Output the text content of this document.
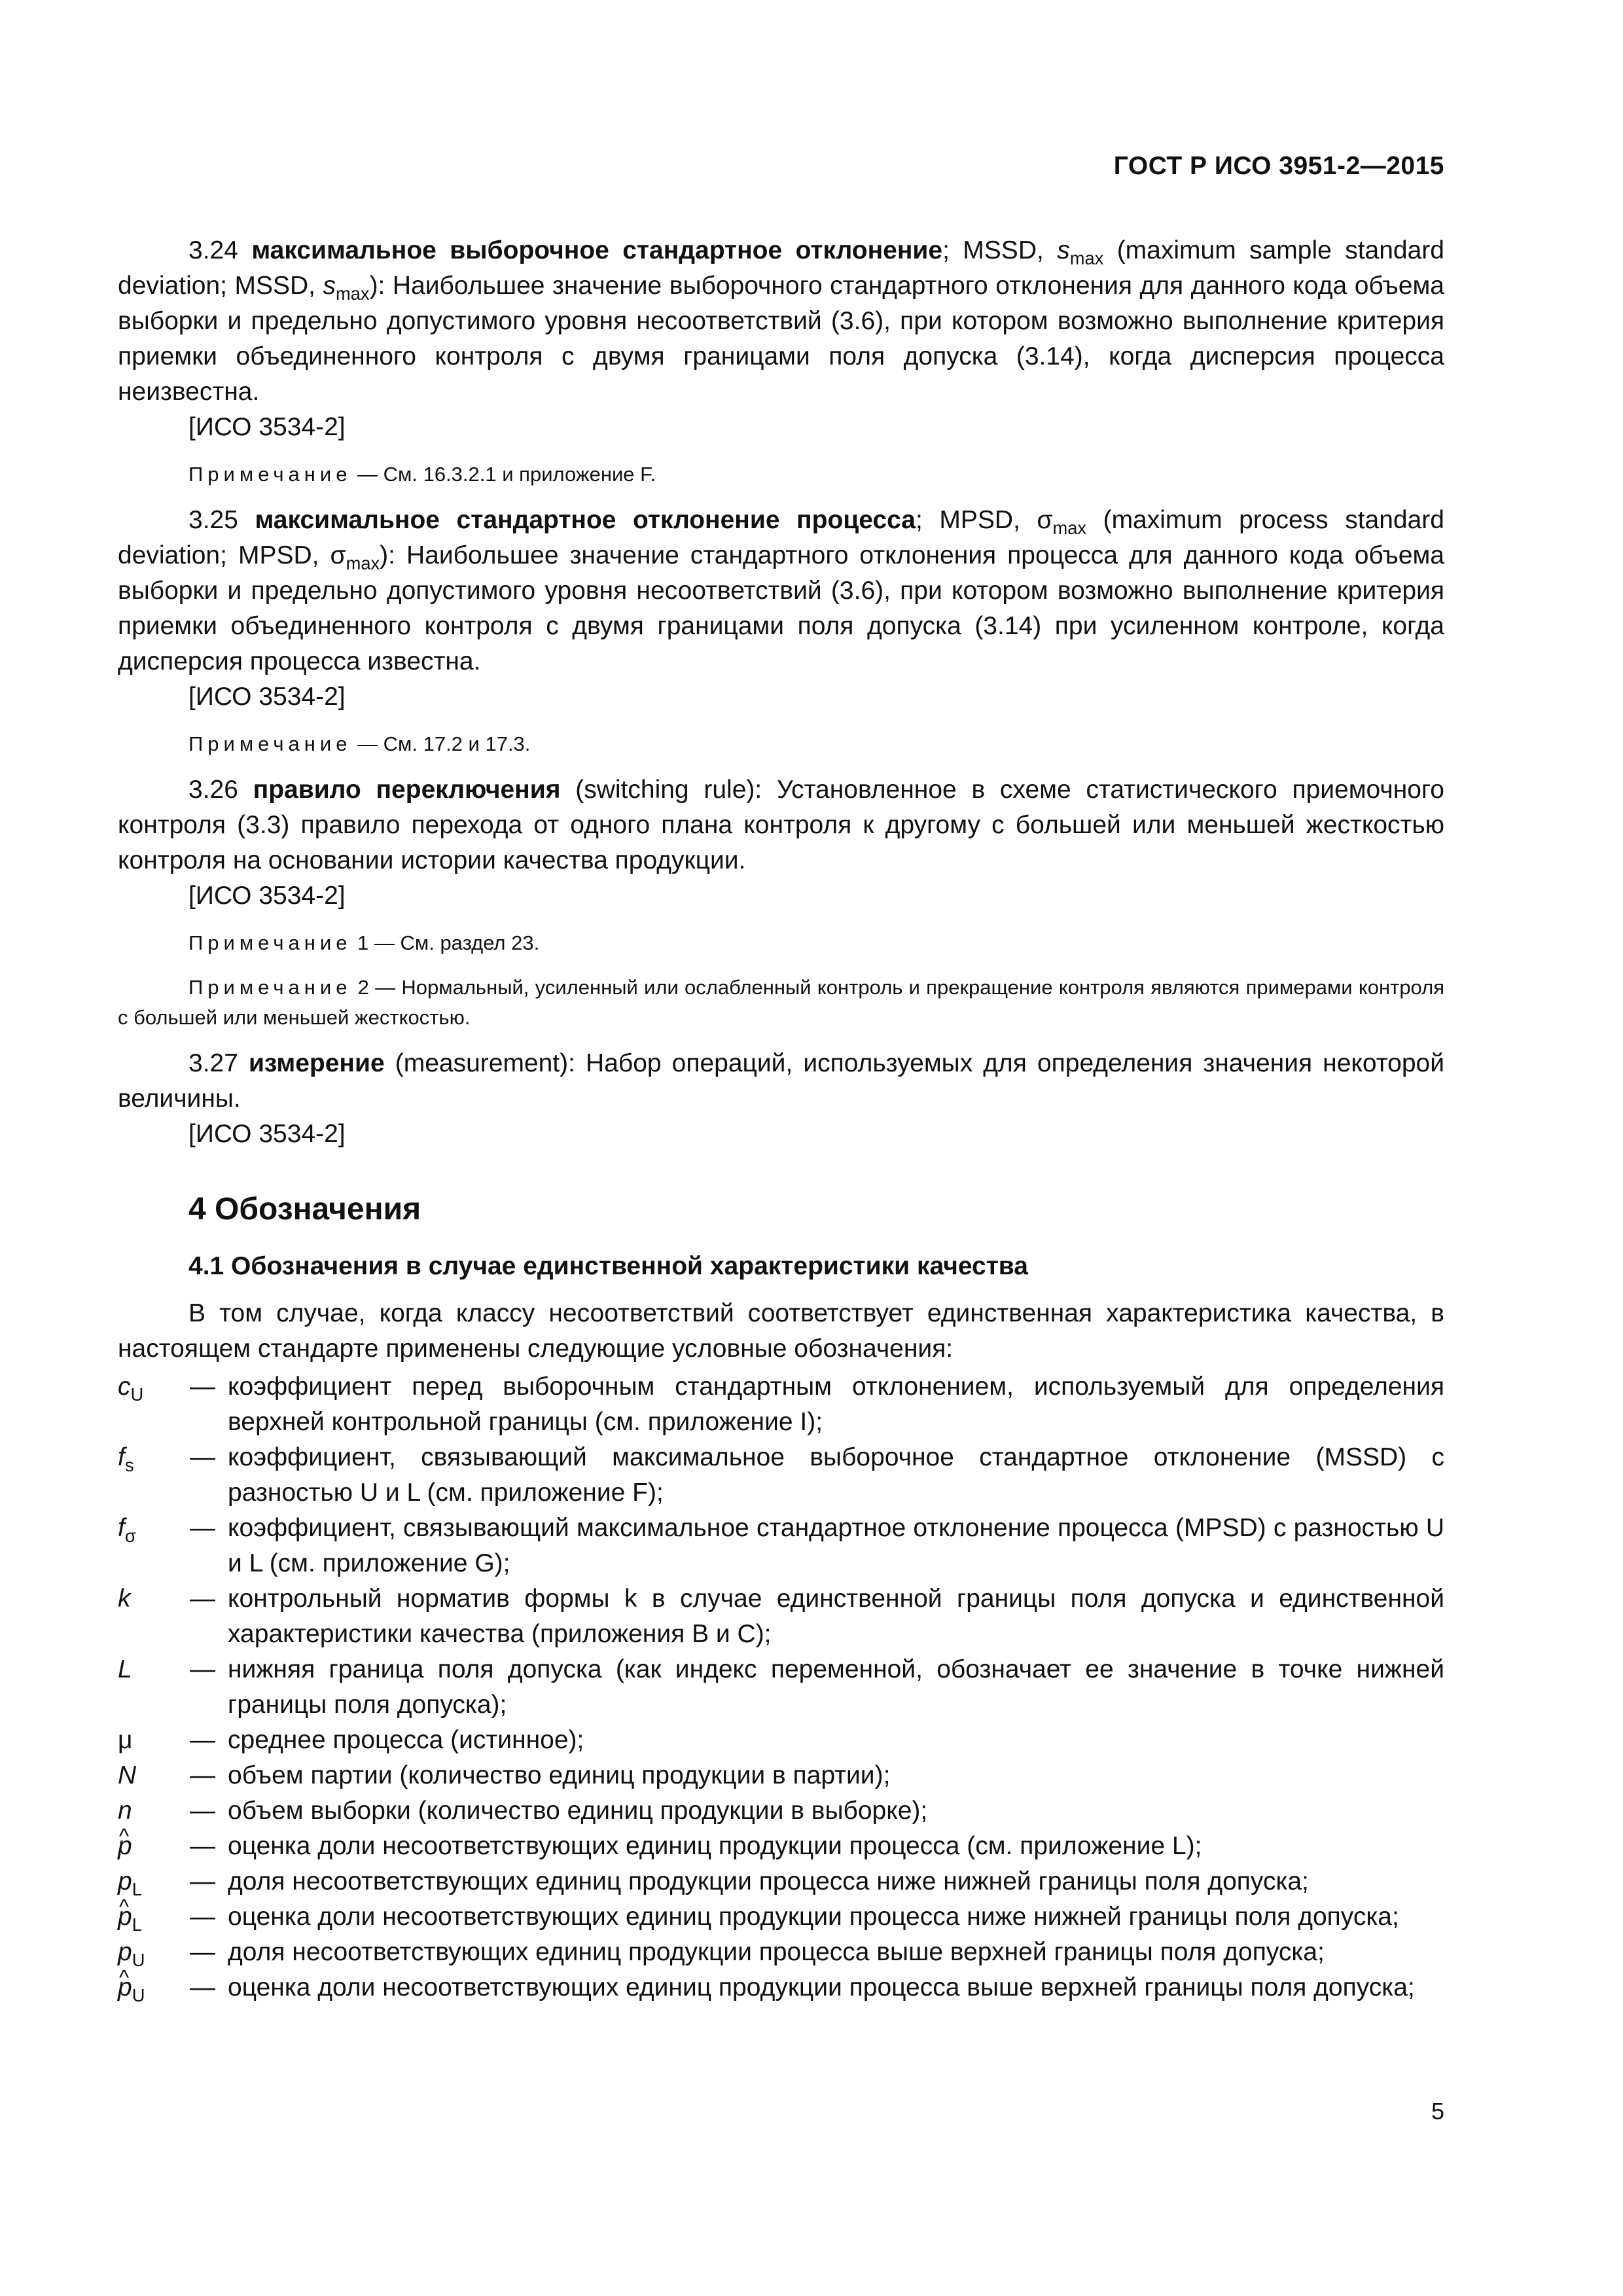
ГОСТ Р ИСО 3951-2—2015

3.24 максимальное выборочное стандартное отклонение; MSSD, $s_{max}$ (maximum sample standard deviation; MSSD, $s_{max}$): Наибольшее значение выборочного стандартного отклонения для данного кода объема выборки и предельно допустимого уровня несоответствий (3.6), при котором возможно выполнение критерия приемки объединенного контроля с двумя границами поля допуска (3.14), когда дисперсия процесса неизвестна.

[ИСО 3534-2]

Примечание — См. 16.3.2.1 и приложение F.

3.25 максимальное стандартное отклонение процесса; MPSD, $\sigma_{max}$ (maximum process standard deviation; MPSD, $\sigma_{max}$): Наибольшее значение стандартного отклонения процесса для данного кода объема выборки и предельно допустимого уровня несоответствий (3.6), при котором возможно выполнение критерия приемки объединенного контроля с двумя границами поля допуска (3.14) при усиленном контроле, когда дисперсия процесса известна.

[ИСО 3534-2]

Примечание — См. 17.2 и 17.3.

3.26 правило переключения (switching rule): Установленное в схеме статистического приемочного контроля (3.3) правило перехода от одного плана контроля к другому с большей или меньшей жесткостью контроля на основании истории качества продукции.

[ИСО 3534-2]

Примечание 1 — См. раздел 23.
Примечание 2 — Нормальный, усиленный или ослабленный контроль и прекращение контроля являются примерами контроля с большей или меньшей жесткостью.

3.27 измерение (measurement): Набор операций, используемых для определения значения некоторой величины.

[ИСО 3534-2]

4 Обозначения
4.1 Обозначения в случае единственной характеристики качества

В том случае, когда классу несоответствий соответствует единственная характеристика качества, в настоящем стандарте применены следующие условные обозначения:

$c_U$	— коэффициент перед выборочным стандартным отклонением, используемый для определения верхней контрольной границы (см. приложение I);
$f_s$	— коэффициент, связывающий максимальное выборочное стандартное отклонение (MSSD) с разностью U и L (см. приложение F);
$f_\sigma$	— коэффициент, связывающий максимальное стандартное отклонение процесса (MPSD) с разностью U и L (см. приложение G);
k	— контрольный норматив формы k в случае единственной границы поля допуска и единственной характеристики качества (приложения В и С);
L	— нижняя граница поля допуска (как индекс переменной, обозначает ее значение в точке нижней границы поля допуска);
μ	— среднее процесса (истинное);
N	— объем партии (количество единиц продукции в партии);
n	— объем выборки (количество единиц продукции в выборке);
^ p	— оценка доли несоответствующих единиц продукции процесса (см. приложение L);
$p_L$	— доля несоответствующих единиц продукции процесса ниже нижней границы поля допуска;
^ $p_L$	— оценка доли несоответствующих единиц продукции процесса ниже нижней границы поля допуска;
$p_U$	— доля несоответствующих единиц продукции процесса выше верхней границы поля допуска;
^ $p_U$	— оценка доли несоответствующих единиц продукции процесса выше верхней границы поля допуска;
5
